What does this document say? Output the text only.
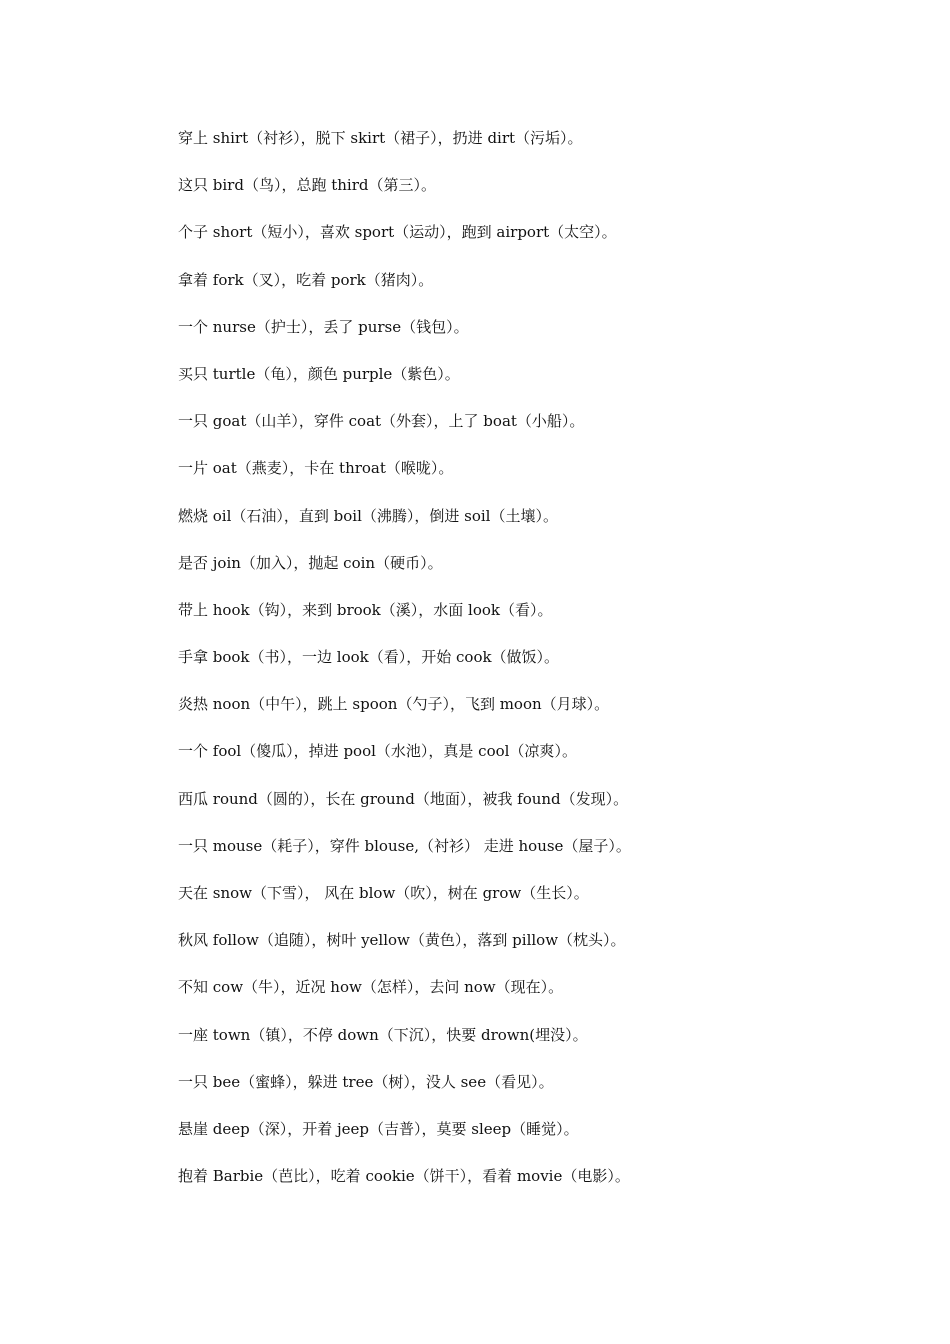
穿上 shirt（衬衫），脱下 skirt（裙子），扔进 dirt（污垢）。
这只 bird（鸟），总跑 third（第三）。
个子 short（短小），喜欢 sport（运动），跑到 airport（太空）。
拿着 fork（叉），吃着 pork（猪肉）。
一个 nurse（护士），丢了 purse（钱包）。
买只 turtle（龟），颜色 purple（紫色）。
一只 goat（山羊），穿件 coat（外套），上了 boat（小船）。
一片 oat（燕麦），卡在 throat（喉咙）。
燃烧 oil（石油），直到 boil（沸腾），倒进 soil（土壤）。
是否 join（加入），抛起 coin（硬币）。
带上 hook（钩），来到 brook（溪），水面 look（看）。
手拿 book（书），一边 look（看），开始 cook（做饭）。
炎热 noon（中午），跳上 spoon（勺子），飞到 moon（月球）。
一个 fool（傻瓜），掉进 pool（水池），真是 cool（凉爽）。
西瓜 round（圆的），长在 ground（地面），被我 found（发现）。
一只 mouse（耗子），穿件 blouse,（衬衫） 走进 house（屋子）。
天在 snow（下雪）， 风在 blow（吹），树在 grow（生长）。
秋风 follow（追随），树叶 yellow（黄色），落到 pillow（枕头）。
不知 cow（牛），近况 how（怎样），去问 now（现在）。
一座 town（镇），不停 down（下沉），快要 drown(埋没）。
一只 bee（蜜蜂），躲进 tree（树），没人 see（看见）。
悬崖 deep（深），开着 jeep（吉普），莫要 sleep（睡觉）。
抱着 Barbie（芭比），吃着 cookie（饼干），看着 movie（电影）。
